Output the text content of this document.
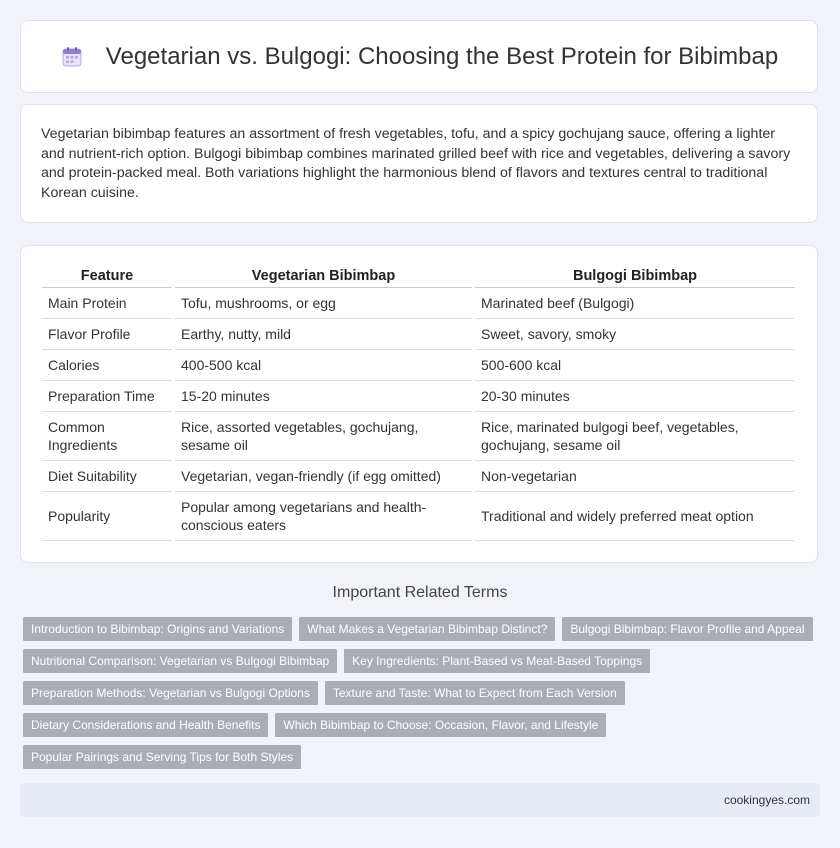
Vegetarian vs. Bulgogi: Choosing the Best Protein for Bibimbap

Vegetarian bibimbap features an assortment of fresh vegetables, tofu, and a spicy gochujang sauce, offering a lighter and nutrient-rich option. Bulgogi bibimbap combines marinated grilled beef with rice and vegetables, delivering a savory and protein-packed meal. Both variations highlight the harmonious blend of flavors and textures central to traditional Korean cuisine.

Feature	Vegetarian Bibimbap	Bulgogi Bibimbap
Main Protein	Tofu, mushrooms, or egg	Marinated beef (Bulgogi)
Flavor Profile	Earthy, nutty, mild	Sweet, savory, smoky
Calories	400-500 kcal	500-600 kcal
Preparation Time	15-20 minutes	20-30 minutes
Common Ingredients	Rice, assorted vegetables, gochujang, sesame oil	Rice, marinated bulgogi beef, vegetables, gochujang, sesame oil
Diet Suitability	Vegetarian, vegan-friendly (if egg omitted)	Non-vegetarian
Popularity	Popular among vegetarians and health-conscious eaters	Traditional and widely preferred meat option
Important Related Terms
Introduction to Bibimbap: Origins and Variations	What Makes a Vegetarian Bibimbap Distinct?	Bulgogi Bibimbap: Flavor Profile and Appeal
Nutritional Comparison: Vegetarian vs Bulgogi Bibimbap	Key Ingredients: Plant-Based vs Meat-Based Toppings
Preparation Methods: Vegetarian vs Bulgogi Options	Texture and Taste: What to Expect from Each Version
Dietary Considerations and Health Benefits	Which Bibimbap to Choose: Occasion, Flavor, and Lifestyle
Popular Pairings and Serving Tips for Both Styles
cookingyes.com
